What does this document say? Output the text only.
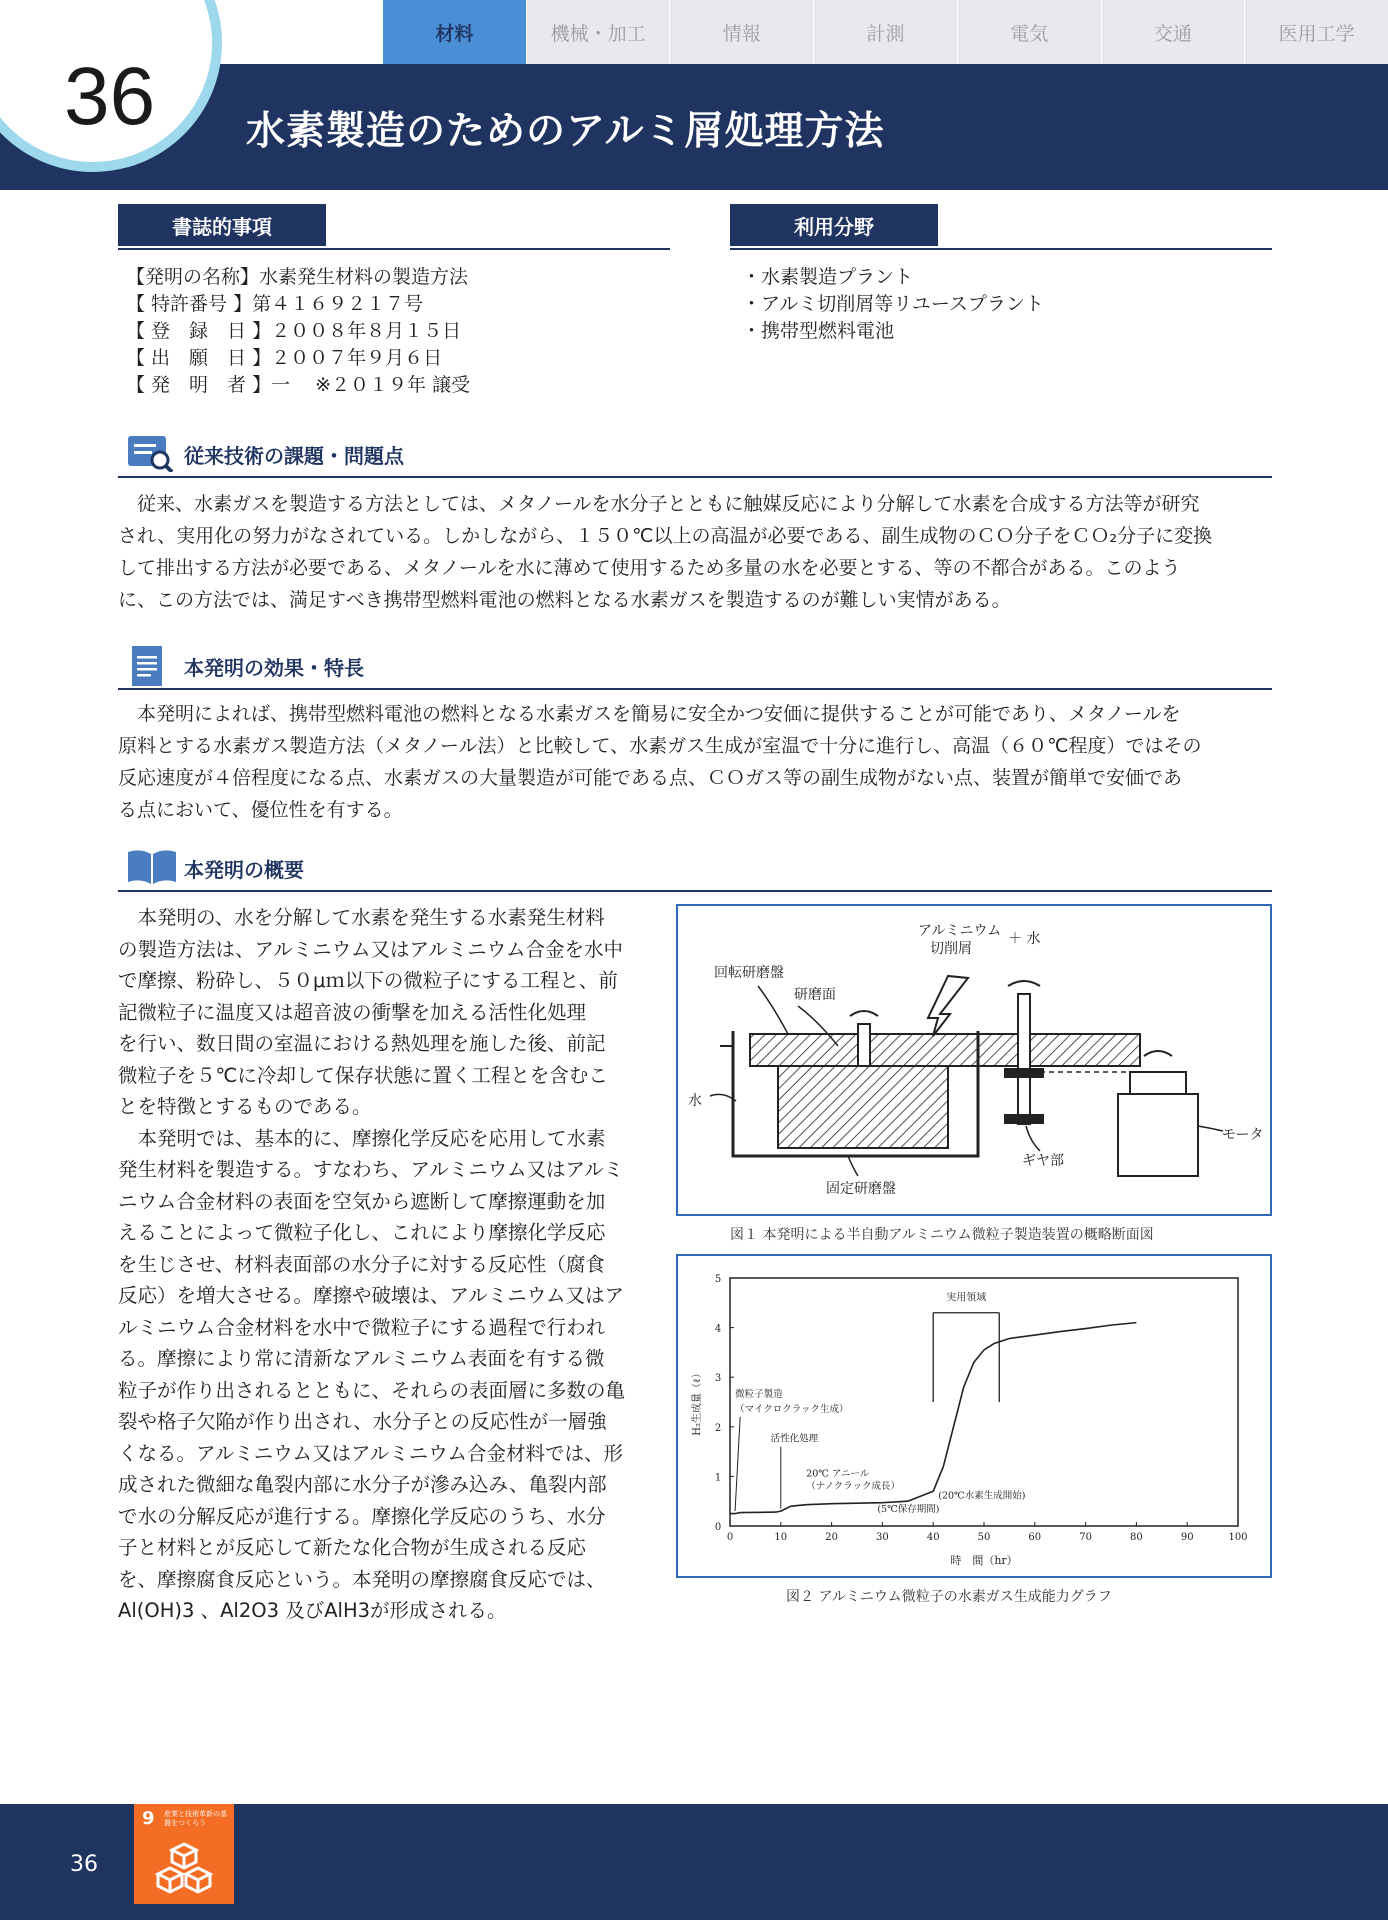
材料	機械・加工	情報	計測	電気	交通	医用工学
36 水素製造のためのアルミ屑処理方法
書誌的事項
【発明の名称】水素発生材料の製造方法
【 特許番号 】第４１６９２１７号
【 登　録　日 】２００８年８月１５日
【 出　願　日 】２００７年９月６日
【 発　明　者 】一　 ※２０１９年 譲受
利用分野
・水素製造プラント
・アルミ切削屑等リユースプラント
・携帯型燃料電池
従来技術の課題・問題点
　従来、水素ガスを製造する方法としては、メタノールを水分子とともに触媒反応により分解して水素を合成する方法等が研究
され、実用化の努力がなされている。しかしながら、１５０℃以上の高温が必要である、副生成物のＣＯ分子をＣＯ₂分子に変換
して排出する方法が必要である、メタノールを水に薄めて使用するため多量の水を必要とする、等の不都合がある。このよう
に、この方法では、満足すべき携帯型燃料電池の燃料となる水素ガスを製造するのが難しい実情がある。
本発明の効果・特長
　本発明によれば、携帯型燃料電池の燃料となる水素ガスを簡易に安全かつ安価に提供することが可能であり、メタノールを
原料とする水素ガス製造方法（メタノール法）と比較して、水素ガス生成が室温で十分に進行し、高温（６０℃程度）ではその
反応速度が４倍程度になる点、水素ガスの大量製造が可能である点、ＣＯガス等の副生成物がない点、装置が簡単で安価であ
る点において、優位性を有する。
本発明の概要
　本発明の、水を分解して水素を発生する水素発生材料
の製造方法は、アルミニウム又はアルミニウム合金を水中
で摩擦、粉砕し、５０μｍ以下の微粒子にする工程と、前
記微粒子に温度又は超音波の衝撃を加える活性化処理
を行い、数日間の室温における熱処理を施した後、前記
微粒子を５℃に冷却して保存状態に置く工程とを含むこ
とを特徴とするものである。
　本発明では、基本的に、摩擦化学反応を応用して水素
発生材料を製造する。すなわち、アルミニウム又はアルミ
ニウム合金材料の表面を空気から遮断して摩擦運動を加
えることによって微粒子化し、これにより摩擦化学反応
を生じさせ、材料表面部の水分子に対する反応性（腐食
反応）を増大させる。摩擦や破壊は、アルミニウム又はア
ルミニウム合金材料を水中で微粒子にする過程で行われ
る。摩擦により常に清新なアルミニウム表面を有する微
粒子が作り出されるとともに、それらの表面層に多数の亀
裂や格子欠陥が作り出され、水分子との反応性が一層強
くなる。アルミニウム又はアルミニウム合金材料では、形
成された微細な亀裂内部に水分子が滲み込み、亀裂内部
で水の分解反応が進行する。摩擦化学反応のうち、水分
子と材料とが反応して新たな化合物が生成される反応
を、摩擦腐食反応という。本発明の摩擦腐食反応では、
Al(OH)3 、Al2O3 及びAlH3が形成される。
アルミニウム
切削屑
＋ 水
回転研磨盤
研磨面
水
モータ
ギヤ部
固定研磨盤
図１ 本発明による半自動アルミニウム微粒子製造装置の概略断面図
0	10	20	30	40	50	60	70	80	90	100
0
1
2
3
4
5
時　間（hr）
H₂生成量（ℓ）
実用領域
微粒子製造
（マイクロクラック生成）
活性化処理
20℃ アニール
（ナノクラック成長）
(20℃水素生成開始)
(5℃保存期間)
図２ アルミニウム微粒子の水素ガス生成能力グラフ
9 産業と技術革新の基盤をつくろう
36
